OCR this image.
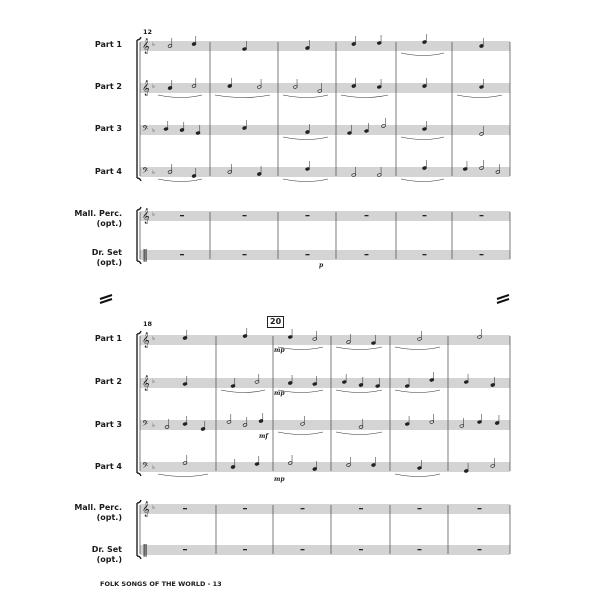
𝄞 ♭
𝄞 ♭
𝄢 ♭
𝄢 ♭
𝄞 ♭
∥
𝄞 ♭
𝄞 ♭
𝄢 ♭
𝄢 ♭
𝄞 ♭
∥
12
Part 1
Part 2
Part 3
Part 4
Mall. Perc.
(opt.)
Dr. Set
(opt.)	p
18	20
Part 1
Part 2
Part 3
Part 4
Mall. Perc.
(opt.)
Dr. Set
(opt.)
mp
mp
mf
mp
FOLK SONGS OF THE WORLD - 13
